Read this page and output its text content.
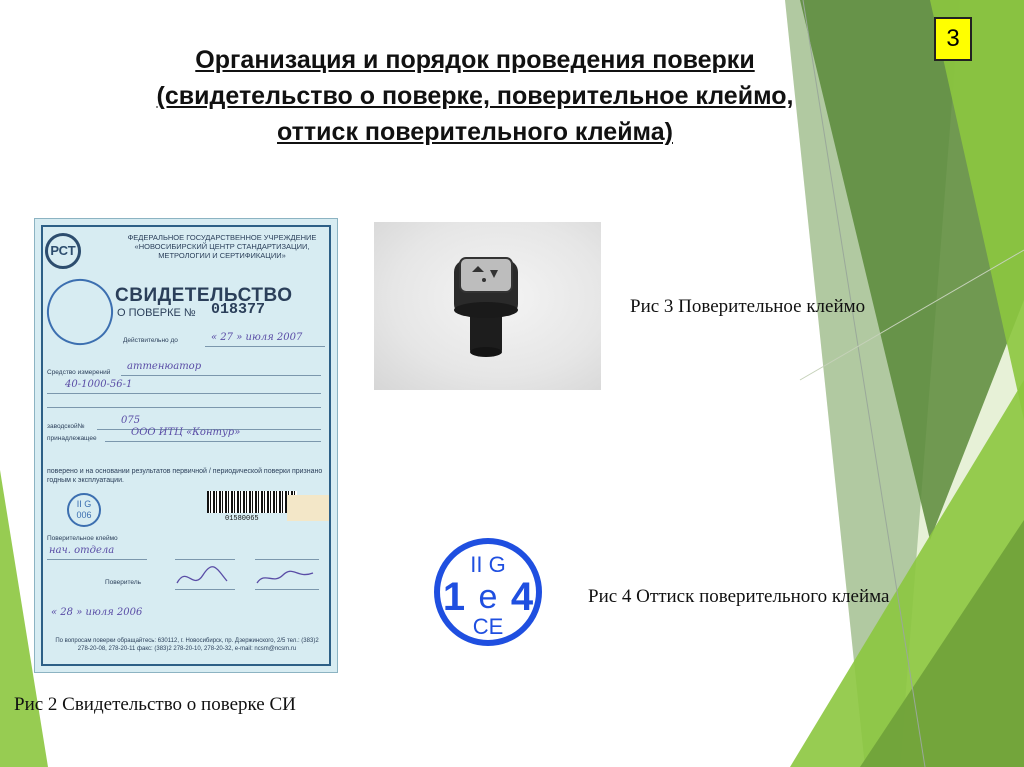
3
Организация и порядок проведения поверки
(свидетельство о поверке, поверительное клеймо,
оттиск поверительного клейма)
РСТ
ФЕДЕРАЛЬНОЕ ГОСУДАРСТВЕННОЕ УЧРЕЖДЕНИЕ «НОВОСИБИРСКИЙ ЦЕНТР СТАНДАРТИЗАЦИИ, МЕТРОЛОГИИ И СЕРТИФИКАЦИИ»
СВИДЕТЕЛЬСТВО
О ПОВЕРКЕ № 018377
Действительно до	« 27 » июля 2007
Средство измерений
аттенюатор
40-1000-56-1
заводской№
075
принадлежащее
ООО ИТЦ «Контур»
поверено и на основании результатов первичной / периодической поверки признано годным к эксплуатации.
II G 006	01580065
Поверительное клеймо
нач. отдела
Поверитель
« 28 » июля 2006
По вопросам поверки обращайтесь: 630112, г. Новосибирск, пр. Дзержинского, 2/5 тел.: (383)2 278-20-08, 278-20-11 факс: (383)2 278-20-10, 278-20-32, e-mail: ncsm@ncsm.ru
Рис 3 Поверительное клеймо
II G
1 e 4
CE
Рис 4 Оттиск поверительного клейма
Рис 2 Свидетельство о поверке СИ
